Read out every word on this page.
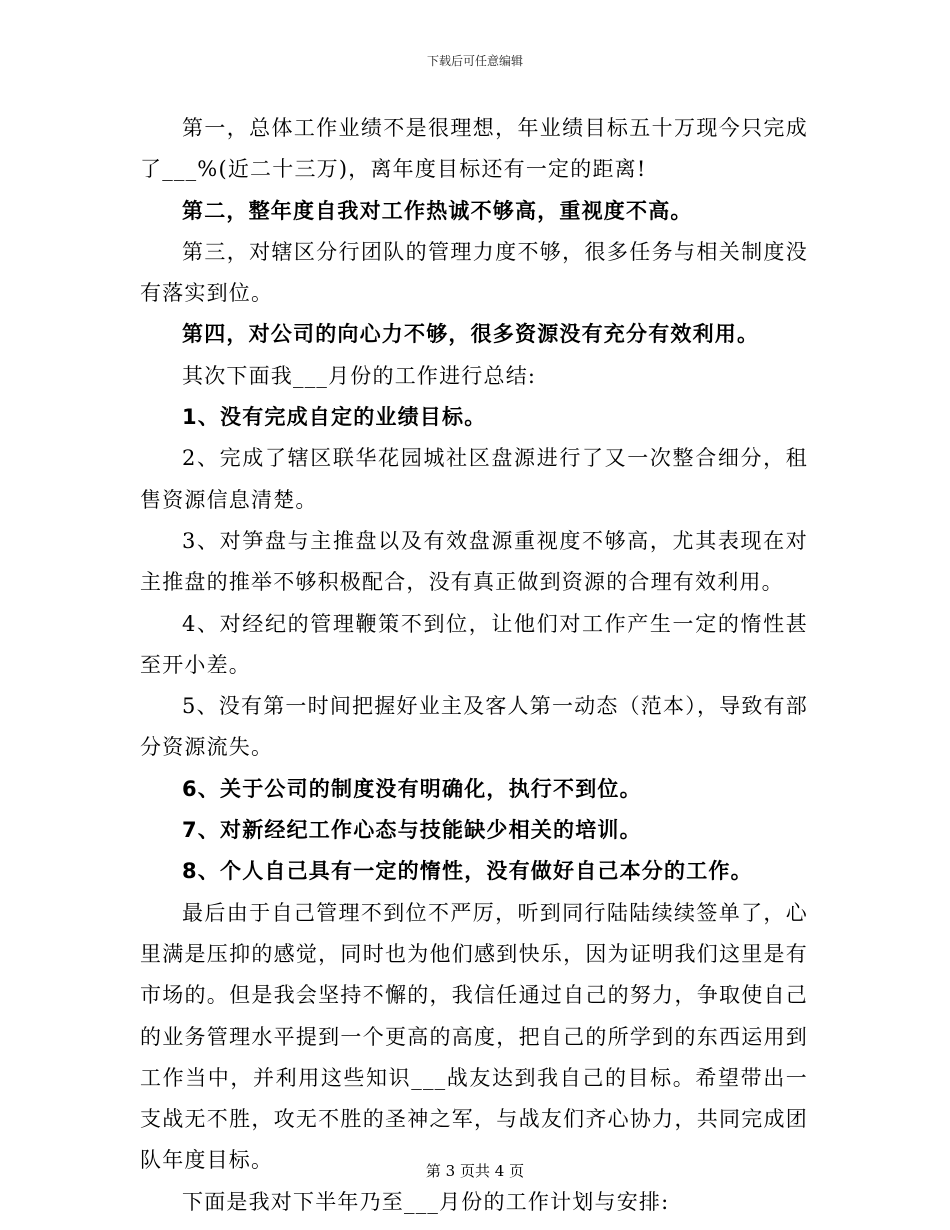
下载后可任意编辑

第一，总体工作业绩不是很理想，年业绩目标五十万现今只完成了___%(近二十三万)，离年度目标还有一定的距离!

第二，整年度自我对工作热诚不够高，重视度不高。

第三，对辖区分行团队的管理力度不够，很多任务与相关制度没有落实到位。

第四，对公司的向心力不够，很多资源没有充分有效利用。

其次下面我___月份的工作进行总结:

1、没有完成自定的业绩目标。

2、完成了辖区联华花园城社区盘源进行了又一次整合细分，租售资源信息清楚。

3、对笋盘与主推盘以及有效盘源重视度不够高，尤其表现在对主推盘的推举不够积极配合，没有真正做到资源的合理有效利用。

4、对经纪的管理鞭策不到位，让他们对工作产生一定的惰性甚至开小差。

5、没有第一时间把握好业主及客人第一动态（范本），导致有部分资源流失。

6、关于公司的制度没有明确化，执行不到位。

7、对新经纪工作心态与技能缺少相关的培训。

8、个人自己具有一定的惰性，没有做好自己本分的工作。

最后由于自己管理不到位不严厉，听到同行陆陆续续签单了，心里满是压抑的感觉，同时也为他们感到快乐，因为证明我们这里是有市场的。但是我会坚持不懈的，我信任通过自己的努力，争取使自己的业务管理水平提到一个更高的高度，把自己的所学到的东西运用到工作当中，并利用这些知识___战友达到我自己的目标。希望带出一支战无不胜，攻无不胜的圣神之军，与战友们齐心协力，共同完成团队年度目标。

下面是我对下半年乃至___月份的工作计划与安排:

第 3 页共 4 页
